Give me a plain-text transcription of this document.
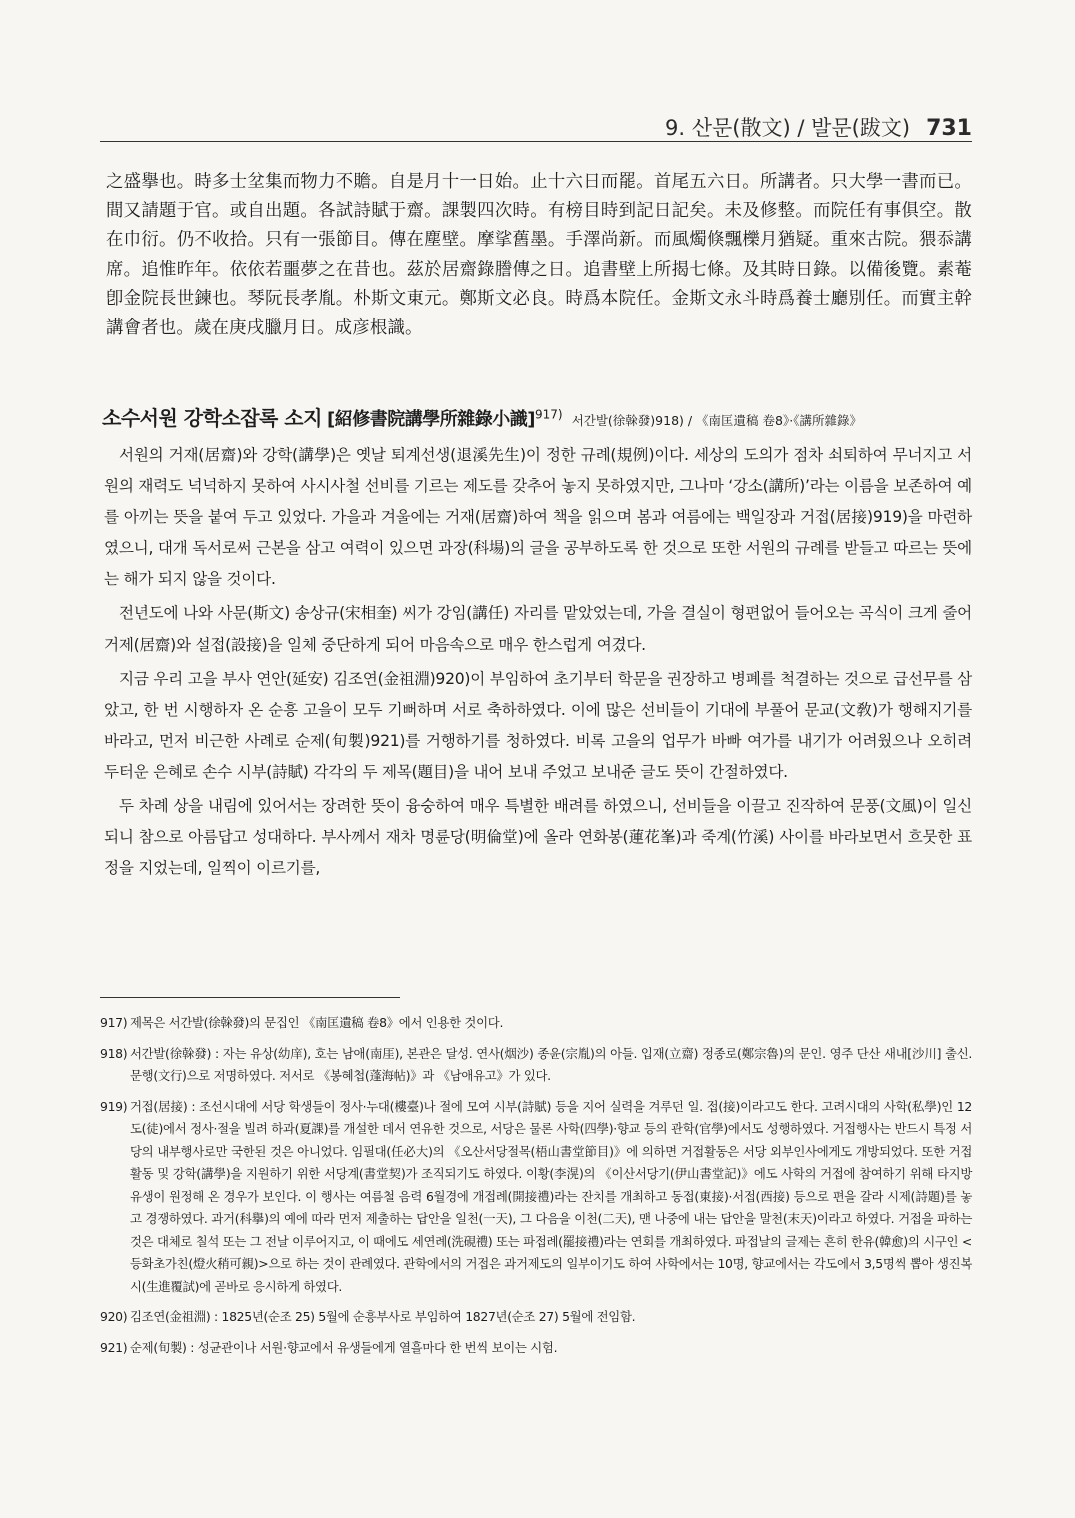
9. 산문(散文) / 발문(跋文) 731
之盛擧也。時多士坌集而物力不贍。自是月十一日始。止十六日而罷。首尾五六日。所講者。只大學一書而已。間又請題于官。或自出題。各試詩賦于齋。課製四次時。有榜目時到記日記矣。未及修整。而院任有事俱空。散在巾衍。仍不收拾。只有一張節目。傳在塵壁。摩挲舊墨。手澤尚新。而風燭倏飄櫟月猶疑。重來古院。猥忝講席。追惟昨年。依依若噩夢之在昔也。茲於居齋錄謄傳之日。追書壁上所揭七條。及其時日錄。以備後覽。素菴卽金院長世鍊也。琴阮長孝胤。朴斯文東元。鄭斯文必良。時爲本院任。金斯文永斗時爲養士廳別任。而實主幹講會者也。歲在庚戌臘月日。成彦根識。
소수서원 강학소잡록 소지 [紹修書院講學所雜錄小識]$^{917)}$ 서간발(徐榦發)918) / 《南匡遺稿 卷8》·《講所雜錄》

서원의 거재(居齋)와 강학(講學)은 옛날 퇴계선생(退溪先生)이 정한 규례(規例)이다. 세상의 도의가 점차 쇠퇴하여 무너지고 서원의 재력도 넉넉하지 못하여 사시사철 선비를 기르는 제도를 갖추어 놓지 못하였지만, 그나마 ‘강소(講所)’라는 이름을 보존하여 예를 아끼는 뜻을 붙여 두고 있었다. 가을과 겨울에는 거재(居齋)하여 책을 읽으며 봄과 여름에는 백일장과 거접(居接)919)을 마련하였으니, 대개 독서로써 근본을 삼고 여력이 있으면 과장(科場)의 글을 공부하도록 한 것으로 또한 서원의 규례를 받들고 따르는 뜻에는 해가 되지 않을 것이다.

전년도에 나와 사문(斯文) 송상규(宋相奎) 씨가 강임(講任) 자리를 맡았었는데, 가을 결실이 형편없어 들어오는 곡식이 크게 줄어 거제(居齋)와 설접(設接)을 일체 중단하게 되어 마음속으로 매우 한스럽게 여겼다.

지금 우리 고을 부사 연안(延安) 김조연(金祖淵)920)이 부임하여 초기부터 학문을 권장하고 병폐를 척결하는 것으로 급선무를 삼았고, 한 번 시행하자 온 순흥 고을이 모두 기뻐하며 서로 축하하였다. 이에 많은 선비들이 기대에 부풀어 문교(文敎)가 행해지기를 바라고, 먼저 비근한 사례로 순제(旬製)921)를 거행하기를 청하였다. 비록 고을의 업무가 바빠 여가를 내기가 어려웠으나 오히려 두터운 은혜로 손수 시부(詩賦) 각각의 두 제목(題目)을 내어 보내 주었고 보내준 글도 뜻이 간절하였다.

두 차례 상을 내림에 있어서는 장려한 뜻이 융숭하여 매우 특별한 배려를 하였으니, 선비들을 이끌고 진작하여 문풍(文風)이 일신되니 참으로 아름답고 성대하다. 부사께서 재차 명륜당(明倫堂)에 올라 연화봉(蓮花峯)과 죽계(竹溪) 사이를 바라보면서 흐뭇한 표정을 지었는데, 일찍이 이르기를,

917) 제목은 서간발(徐榦發)의 문집인 《南匡遺稿 卷8》에서 인용한 것이다.
918) 서간발(徐榦發) : 자는 유상(幼庠), 호는 남애(南厓), 본관은 달성. 연사(烟沙) 종윤(宗胤)의 아들. 입재(立齋) 정종로(鄭宗魯)의 문인. 영주 단산 새내[沙川] 출신. 문행(文行)으로 저명하였다. 저서로 《봉혜첩(蓬海帖)》과 《남애유고》가 있다.
919) 거접(居接) : 조선시대에 서당 학생들이 정사·누대(樓臺)나 절에 모여 시부(詩賦) 등을 지어 실력을 겨루던 일. 접(接)이라고도 한다. 고려시대의 사학(私學)인 12도(徒)에서 정사·절을 빌려 하과(夏課)를 개설한 데서 연유한 것으로, 서당은 물론 사학(四學)·향교 등의 관학(官學)에서도 성행하였다. 거접행사는 반드시 특정 서당의 내부행사로만 국한된 것은 아니었다. 임필대(任必大)의 《오산서당절목(梧山書堂節目)》에 의하면 거접활동은 서당 외부인사에게도 개방되었다. 또한 거접활동 및 강학(講學)을 지원하기 위한 서당계(書堂契)가 조직되기도 하였다. 이황(李滉)의 《이산서당기(伊山書堂記)》에도 사학의 거접에 참여하기 위해 타지방 유생이 원정해 온 경우가 보인다. 이 행사는 여름철 음력 6월경에 개접례(開接禮)라는 잔치를 개최하고 동접(東接)·서접(西接) 등으로 편을 갈라 시제(詩題)를 놓고 경쟁하였다. 과거(科擧)의 예에 따라 먼저 제출하는 답안을 일천(一天), 그 다음을 이천(二天), 맨 나중에 내는 답안을 말천(末天)이라고 하였다. 거접을 파하는 것은 대체로 칠석 또는 그 전날 이루어지고, 이 때에도 세연례(洗硯禮) 또는 파접례(罷接禮)라는 연회를 개최하였다. 파접날의 글제는 흔히 한유(韓愈)의 시구인 <등화초가친(燈火稍可親)>으로 하는 것이 관례였다. 관학에서의 거접은 과거제도의 일부이기도 하여 사학에서는 10명, 향교에서는 각도에서 3,5명씩 뽑아 생진복시(生進覆試)에 곧바로 응시하게 하였다.
920) 김조연(金祖淵) : 1825년(순조 25) 5월에 순흥부사로 부임하여 1827년(순조 27) 5월에 전임함.
921) 순제(旬製) : 성균관이나 서원·향교에서 유생들에게 열흘마다 한 번씩 보이는 시험.
